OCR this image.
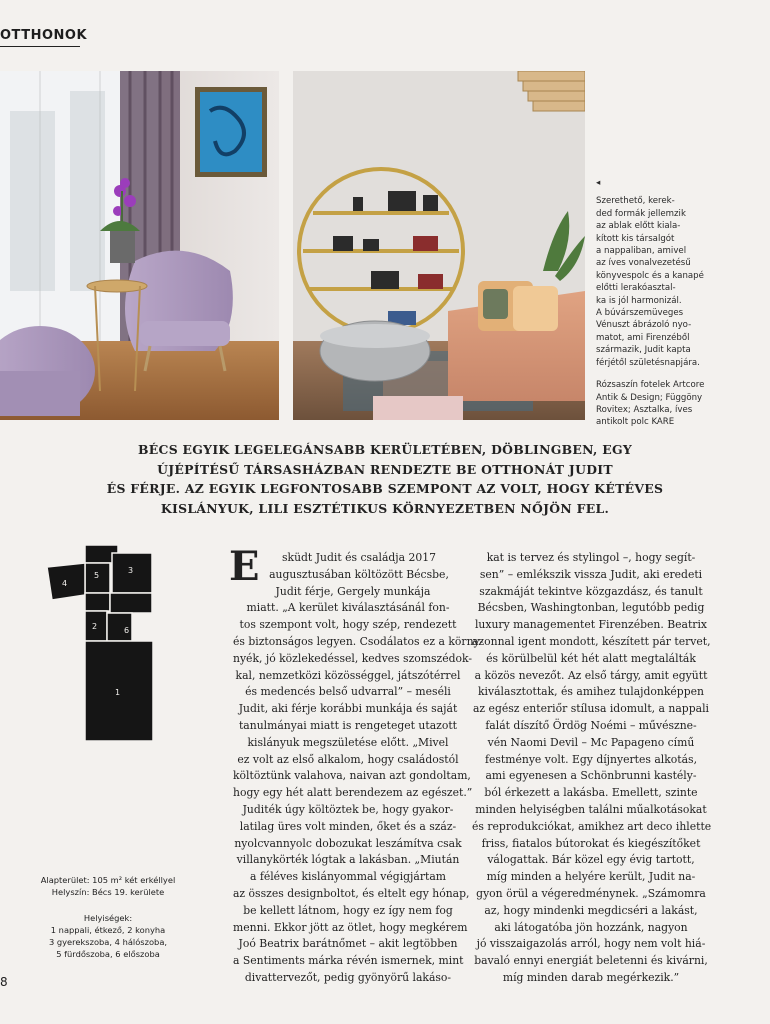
OTTHONOK
◂
Szerethető, kerek-
ded formák jellemzik
az ablak előtt kiala-
kított kis társalgót
a nappaliban, amivel
az íves vonalvezetésű
könyvespolc és a kanapé
előtti lerakóasztal-
ka is jól harmonizál.
A búvárszemüveges
Vénuszt ábrázoló nyo-
matot, ami Firenzéből
származik, Judit kapta
férjétől születésnapjára.
Rózsaszín fotelek Artcore
Antik & Design; Függöny
Rovitex; Asztalka, íves
antikolt polc KARE
BÉCS EGYIK LEGELEGÁNSABB KERÜLETÉBEN, DÖBLINGBEN, EGY
ÚJÉPÍTÉSŰ TÁRSASHÁZBAN RENDEZTE BE OTTHONÁT JUDIT
ÉS FÉRJE. AZ EGYIK LEGFONTOSABB SZEMPONT AZ VOLT, HOGY KÉTÉVES
KISLÁNYUK, LILI ESZTÉTIKUS KÖRNYEZETBEN NŐJÖN FEL.
4
5
3
2	6
1
Alapterület: 105 m² két erkéllyel
Helyszín: Bécs 19. kerülete
Helyiségek:
1 nappali, étkező, 2 konyha
3 gyerekszoba, 4 hálószoba,
5 fürdőszoba, 6 előszoba
E	sküdt Judit és családja 2017
augusztusában költözött Bécsbe,
Judit férje, Gergely munkája
miatt. „A kerület kiválasztásánál fon-
tos szempont volt, hogy szép, rendezett
és biztonságos legyen. Csodálatos ez a körny-
nyék, jó közlekedéssel, kedves szomszédok-
kal, nemzetközi közösséggel, játszótérrel
és medencés belső udvarral” – meséli
Judit, aki férje korábbi munkája és saját
tanulmányai miatt is rengeteget utazott
kislányuk megszületése előtt. „Mivel
ez volt az első alkalom, hogy családostól
költöztünk valahova, naivan azt gondoltam,
hogy egy hét alatt berendezem az egészet.”
Juditék úgy költöztek be, hogy gyakor-
latilag üres volt minden, őket és a száz-
nyolcvannyolc dobozukat leszámítva csak
villanykörték lógtak a lakásban. „Miután
a féléves kislányommal végigjártam
az összes designboltot, és eltelt egy hónap,
be kellett látnom, hogy ez így nem fog
menni. Ekkor jött az ötlet, hogy megkérem
Joó Beatrix barátnőmet – akit legtöbben
a Sentiments márka révén ismernek, mint
divattervezőt, pedig gyönyörű lakáso-
kat is tervez és stylingol –, hogy segít-
sen” – emlékszik vissza Judit, aki eredeti
szakmáját tekintve közgazdász, és tanult
Bécsben, Washingtonban, legutóbb pedig
luxury managementet Firenzében. Beatrix
azonnal igent mondott, készített pár tervet,
és körülbelül két hét alatt megtalálták
a közös nevezőt. Az első tárgy, amit együtt
kiválasztottak, és amihez tulajdonképpen
az egész enteriőr stílusa idomult, a nappali
falát díszítő Ördög Noémi – művészne-
vén Naomi Devil – Mc Papageno című
festménye volt. Egy díjnyertes alkotás,
ami egyenesen a Schönbrunni kastély-
ból érkezett a lakásba. Emellett, szinte
minden helyiségben találni műalkotásokat
és reprodukciókat, amikhez art deco ihlette
friss, fiatalos bútorokat és kiegészítőket
válogattak. Bár közel egy évig tartott,
míg minden a helyére került, Judit na-
gyon örül a végeredménynek. „Számomra
az, hogy mindenki megdicséri a lakást,
aki látogatóba jön hozzánk, nagyon
jó visszaigazolás arról, hogy nem volt hiá-
bavaló ennyi energiát beletenni és kivárni,
míg minden darab megérkezik.”
8
